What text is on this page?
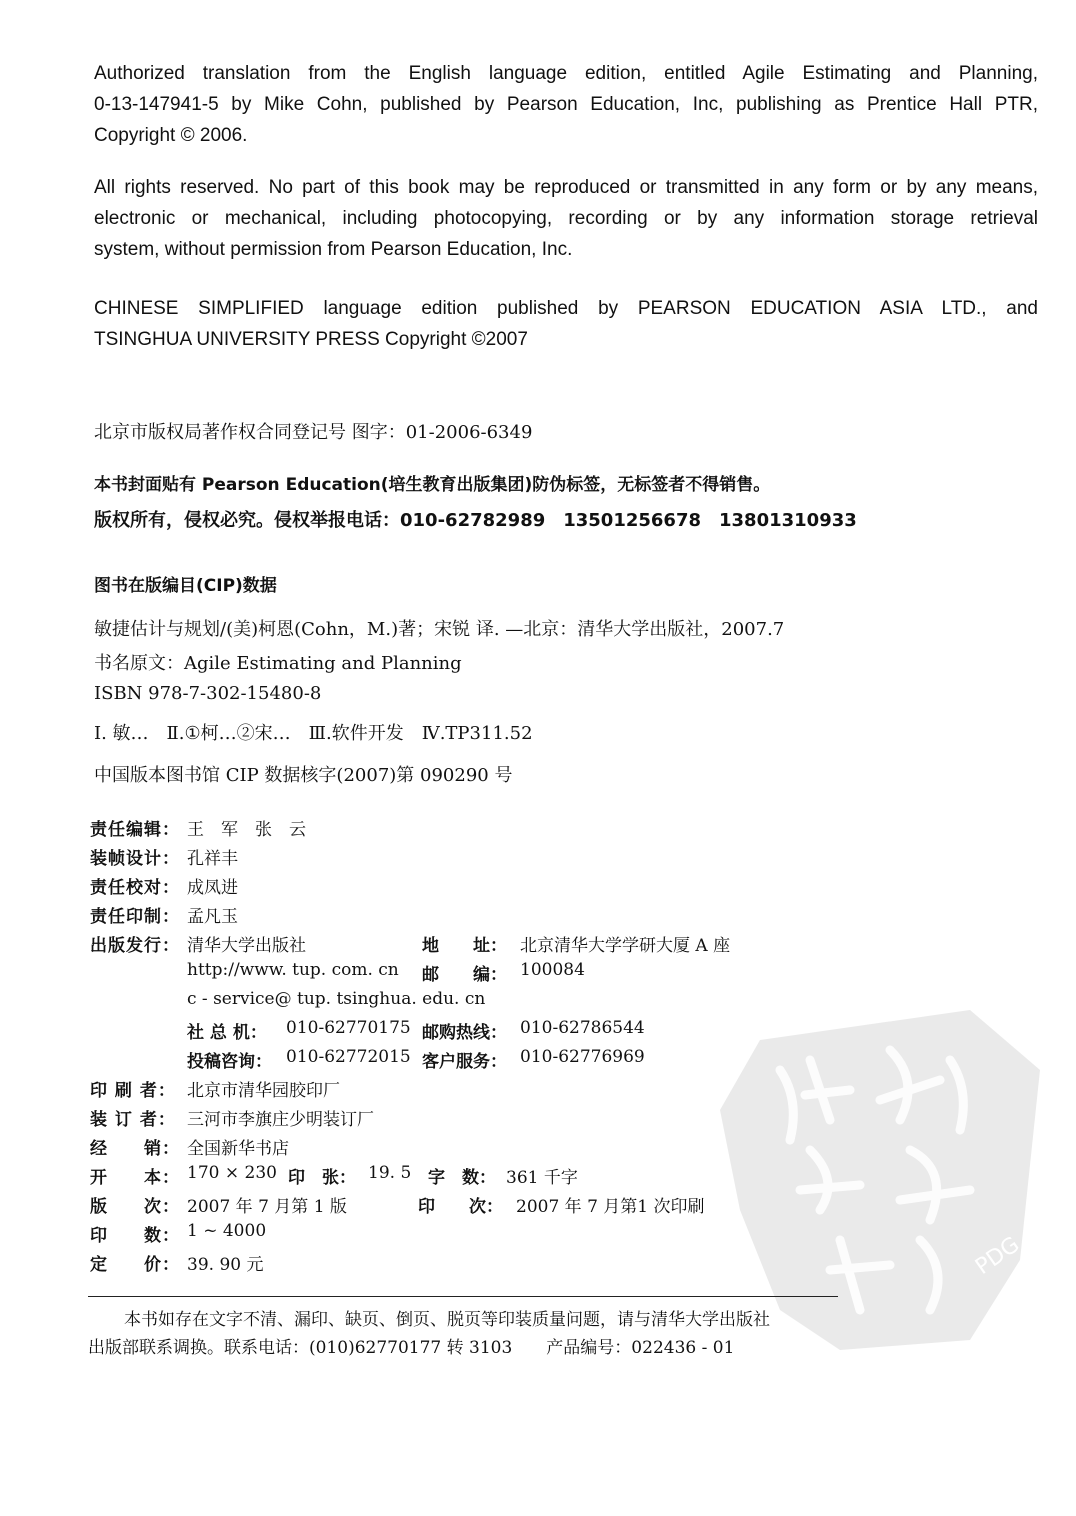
Authorized translation from the English language edition, entitled Agile Estimating and Planning,
0-13-147941-5 by Mike Cohn, published by Pearson Education, Inc, publishing as Prentice Hall PTR,
Copyright © 2006.
All rights reserved. No part of this book may be reproduced or transmitted in any form or by any means,
electronic or mechanical, including photocopying, recording or by any information storage retrieval
system, without permission from Pearson Education, Inc.
CHINESE SIMPLIFIED language edition published by PEARSON EDUCATION ASIA LTD., and
TSINGHUA UNIVERSITY PRESS Copyright ©2007
北京市版权局著作权合同登记号 图字：01-2006-6349
本书封面贴有 Pearson Education(培生教育出版集团)防伪标签，无标签者不得销售。
版权所有，侵权必究。侵权举报电话：010-62782989　13501256678　13801310933
图书在版编目(CIP)数据
敏捷估计与规划/(美)柯恩(Cohn，M.)著；宋锐 译. —北京：清华大学出版社，2007.7
书名原文：Agile Estimating and Planning
ISBN 978-7-302-15480-8
Ⅰ. 敏…　Ⅱ.①柯…②宋…　Ⅲ.软件开发　Ⅳ.TP311.52
中国版本图书馆 CIP 数据核字(2007)第 090290 号
责任编辑： 王　军　张　云
装帧设计： 孔祥丰
责任校对： 成凤进
责任印制： 孟凡玉
出版发行： 清华大学出版社	地　　址： 北京清华大学学研大厦 A 座
http://www. tup. com. cn 邮　　编： 100084
c - service@ tup. tsinghua. edu. cn
社 总 机： 010-62770175 邮购热线： 010-62786544
投稿咨询： 010-62772015 客户服务： 010-62776969
印 刷 者： 北京市清华园胶印厂
装 订 者： 三河市李旗庄少明装订厂
经　　销： 全国新华书店
开　　本： 170 × 230 印　张： 19. 5 字　数： 361 千字
版　　次： 2007 年 7 月第 1 版	印　　次： 2007 年 7 月第1 次印刷
印　　数： 1 ~ 4000
定　　价： 39. 90 元	PDG
本书如存在文字不清、漏印、缺页、倒页、脱页等印装质量问题，请与清华大学出版社
出版部联系调换。联系电话：(010)62770177 转 3103　　产品编号：022436 - 01
